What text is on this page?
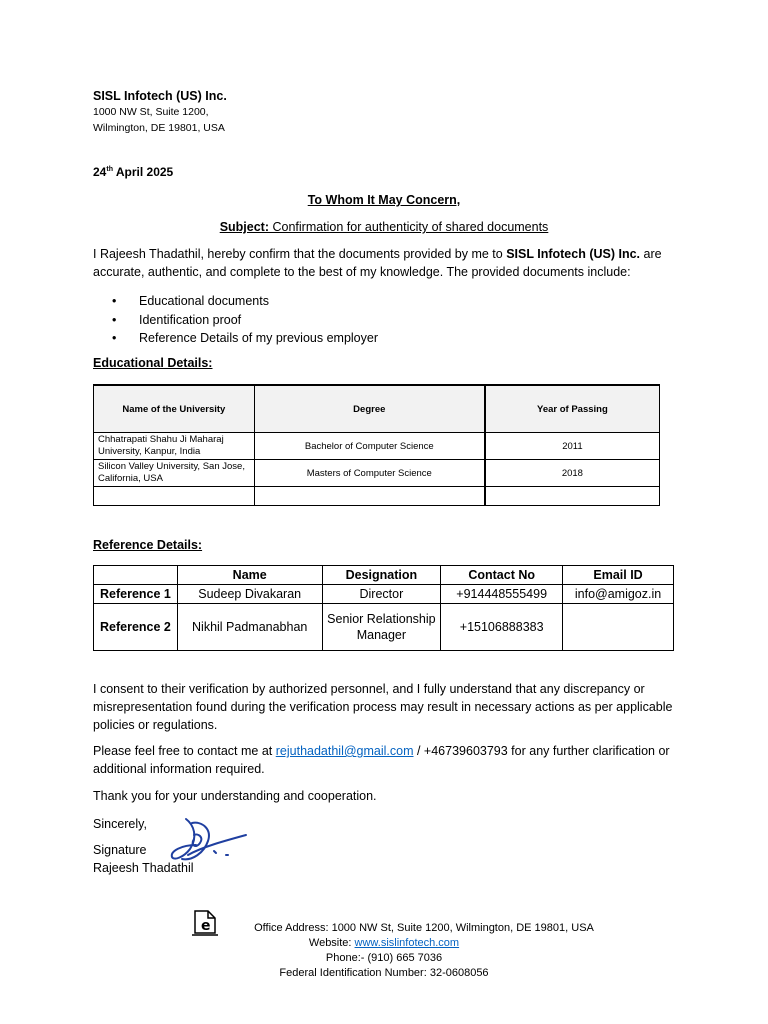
SISL Infotech (US) Inc.
1000 NW St, Suite 1200,
Wilmington, DE 19801, USA
24th April 2025
To Whom It May Concern,
Subject: Confirmation for authenticity of shared documents
I Rajeesh Thadathil, hereby confirm that the documents provided by me to SISL Infotech (US) Inc. are accurate, authentic, and complete to the best of my knowledge. The provided documents include:
• Educational documents
• Identification proof
• Reference Details of my previous employer
Educational Details:
Name of the University	Degree	Year of Passing
Chhatrapati Shahu Ji Maharaj University, Kanpur, India	Bachelor of Computer Science	2011
Silicon Valley University, San Jose, California, USA	Masters of Computer Science	2018

Reference Details:
	Name	Designation	Contact No	Email ID
Reference 1	Sudeep Divakaran	Director	+914448555499	info@amigoz.in
Reference 2	Nikhil Padmanabhan	Senior Relationship Manager	+15106888383	
I consent to their verification by authorized personnel, and I fully understand that any discrepancy or misrepresentation found during the verification process may result in necessary actions as per applicable policies or regulations.
Please feel free to contact me at rejuthadathil@gmail.com / +46739603793 for any further clarification or additional information required.
Thank you for your understanding and cooperation.
Sincerely,
Signature
Rajeesh Thadathil
e	Office Address: 1000 NW St, Suite 1200, Wilmington, DE 19801, USA
Website: www.sislinfotech.com
Phone:- (910) 665 7036
Federal Identification Number: 32-0608056
